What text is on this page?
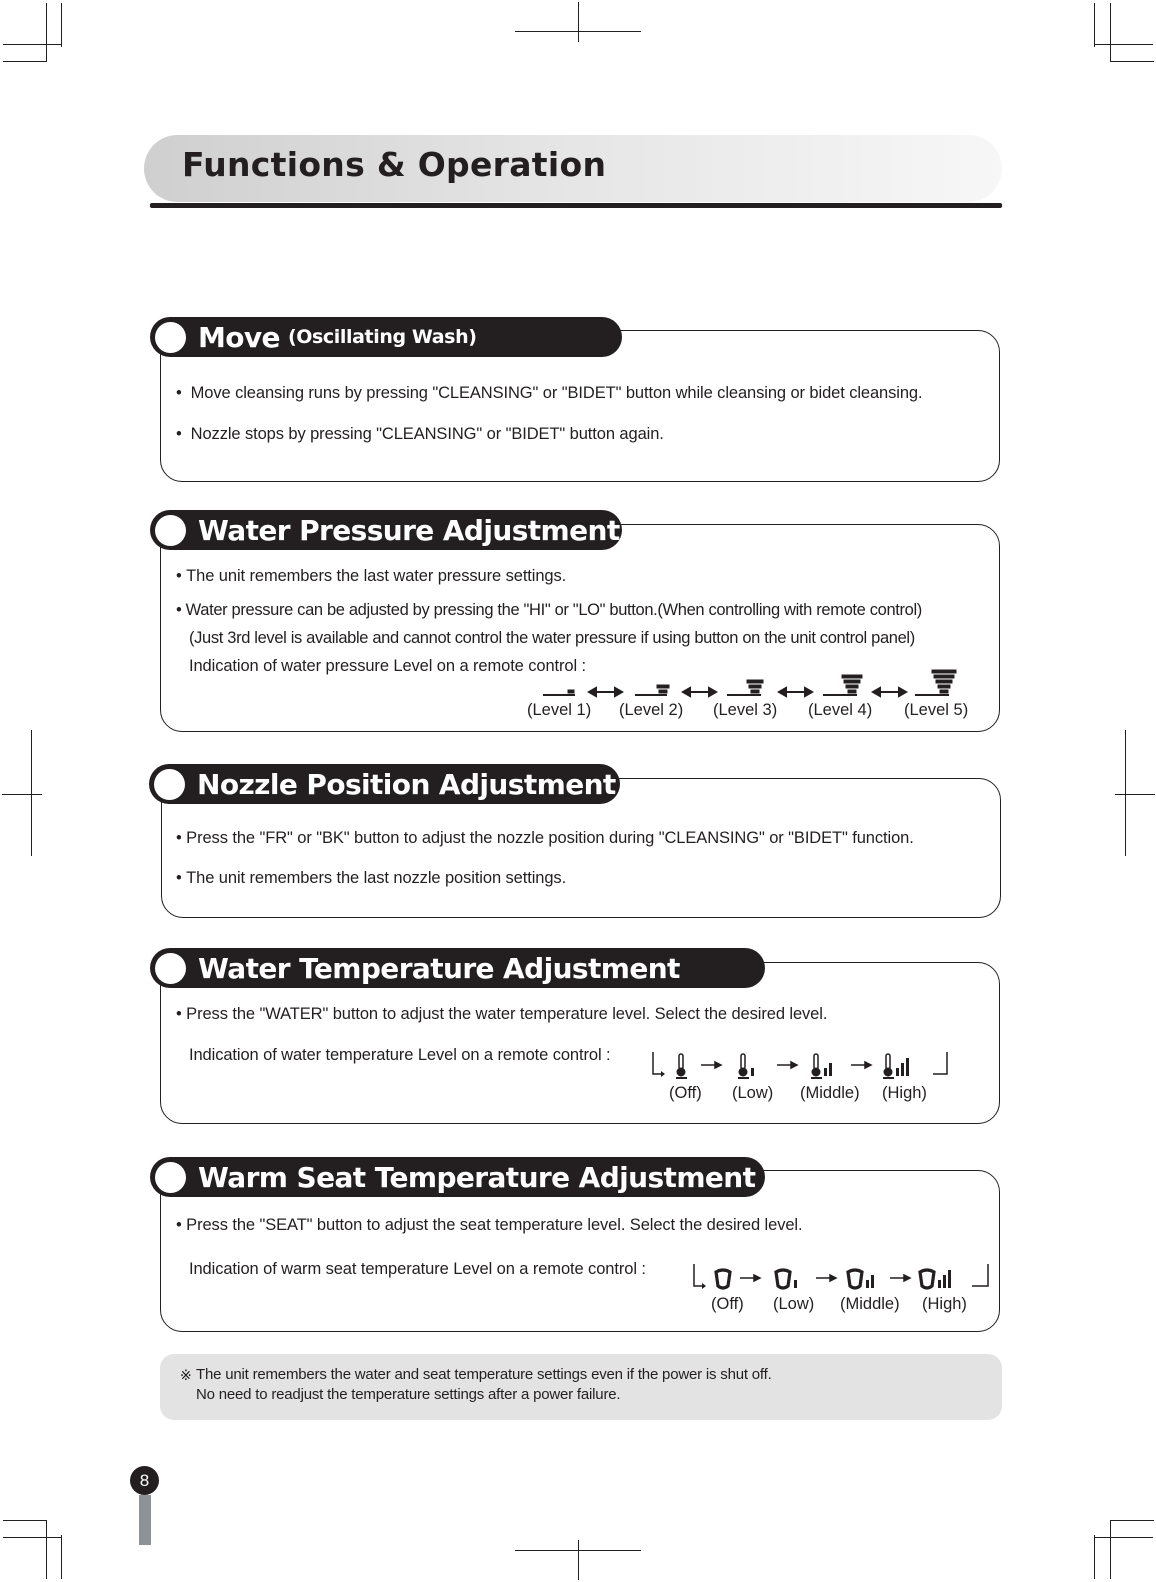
Functions & Operation
Move (Oscillating Wash)
•  Move cleansing runs by pressing "CLEANSING" or "BIDET" button while cleansing or bidet cleansing.
•  Nozzle stops by pressing "CLEANSING" or "BIDET" button again.
Water Pressure Adjustment
• The unit remembers the last water pressure settings.
• Water pressure can be adjusted by pressing the "HI" or "LO" button.(When controlling with remote control)
(Just 3rd level is available and cannot control the water pressure if using button on the unit control panel)
Indication of water pressure Level on a remote control :
(Level 1) (Level 2) (Level 3) (Level 4) (Level 5)
Nozzle Position Adjustment
• Press the "FR" or "BK" button to adjust the nozzle position during "CLEANSING" or "BIDET" function.
• The unit remembers the last nozzle position settings.
Water Temperature Adjustment
• Press the "WATER" button to adjust the water temperature level. Select the desired level.
Indication of water temperature Level on a remote control :
(Off) (Low) (Middle) (High)
Warm Seat Temperature Adjustment
• Press the "SEAT" button to adjust the seat temperature level. Select the desired level.
Indication of warm seat temperature Level on a remote control :
(Off) (Low) (Middle) (High)
※ The unit remembers the water and seat temperature settings even if the power is shut off.
No need to readjust the temperature settings after a power failure.
8
